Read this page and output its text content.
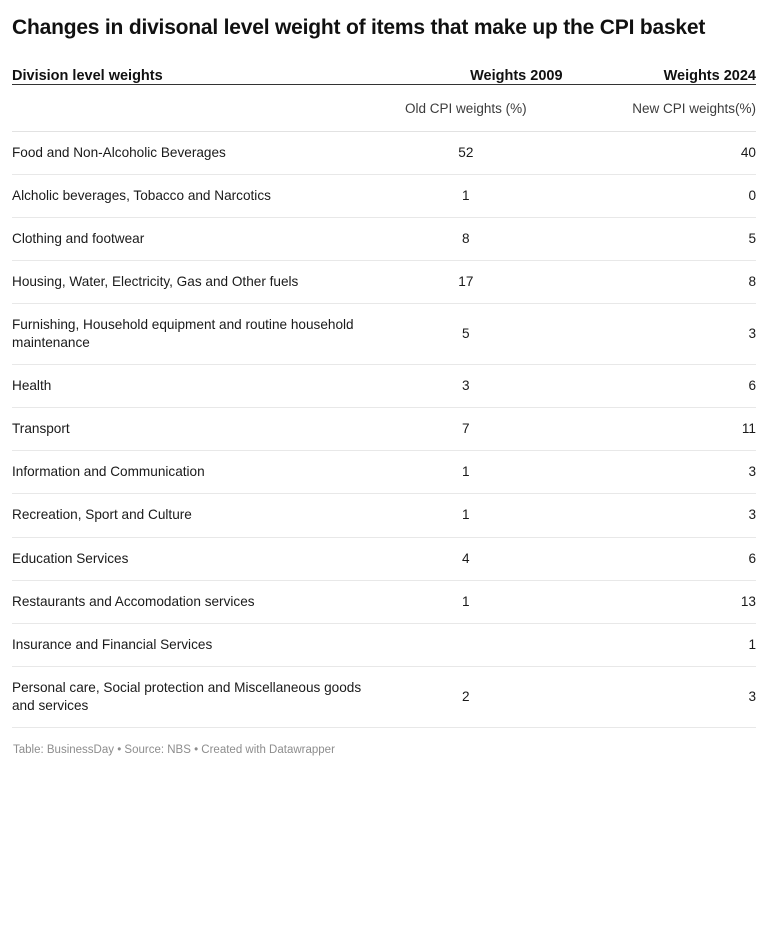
Changes in divisonal level weight of items that make up the CPI basket
Division level weights	Weights 2009	Weights 2024
	Old CPI weights (%)	New CPI weights(%)
Food and Non-Alcoholic Beverages	52	40
Alcholic beverages, Tobacco and Narcotics	1	0
Clothing and footwear	8	5
Housing, Water, Electricity, Gas and Other fuels	17	8
Furnishing, Household equipment and routine household maintenance	5	3
Health	3	6
Transport	7	11
Information and Communication	1	3
Recreation, Sport and Culture	1	3
Education Services	4	6
Restaurants and Accomodation services	1	13
Insurance and Financial Services		1
Personal care, Social protection and Miscellaneous goods and services	2	3
Table: BusinessDay • Source: NBS • Created with Datawrapper
